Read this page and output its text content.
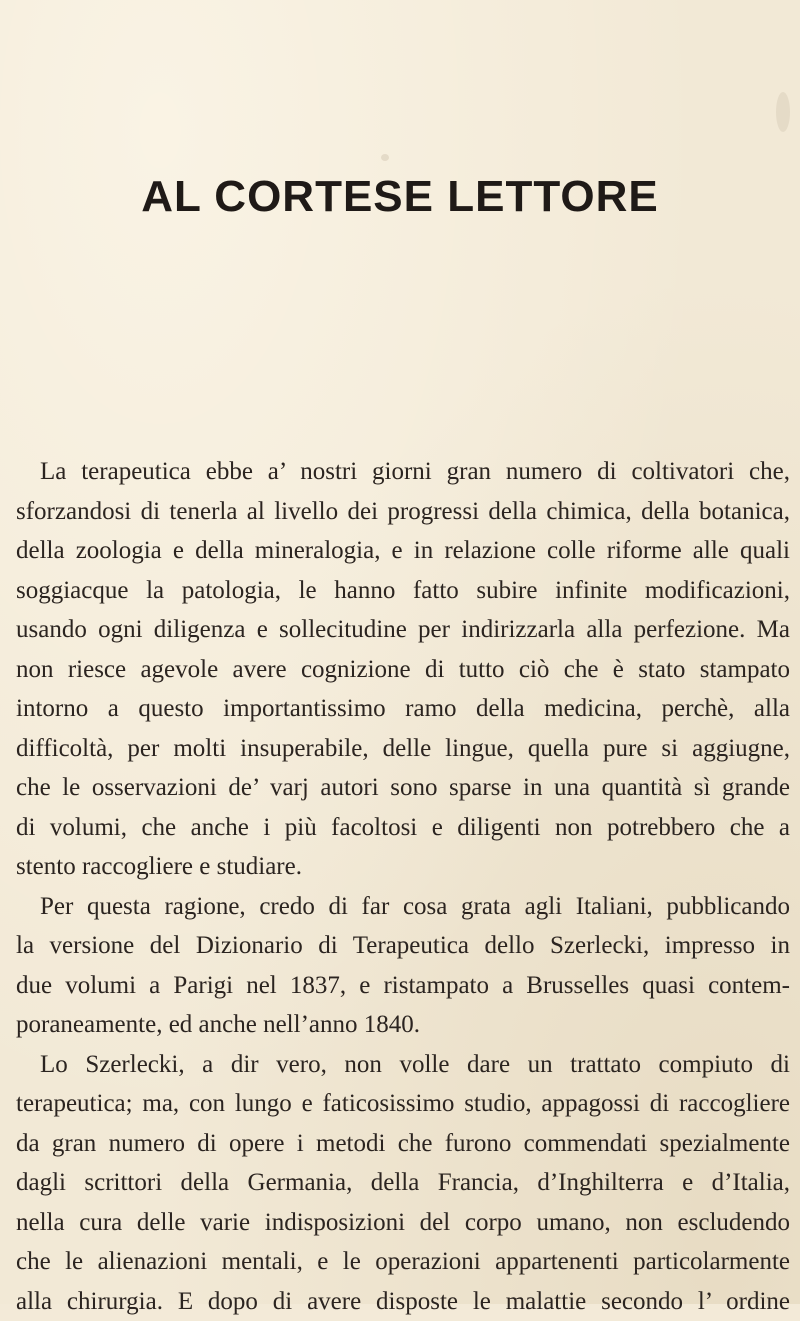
AL CORTESE LETTORE
La terapeutica ebbe a’ nostri giorni gran numero di coltivatori che,
sforzandosi di tenerla al livello dei progressi della chimica, della botanica,
della zoologia e della mineralogia, e in relazione colle riforme alle quali
soggiacque la patologia, le hanno fatto subire infinite modificazioni,
usando ogni diligenza e sollecitudine per indirizzarla alla perfezione. Ma
non riesce agevole avere cognizione di tutto ciò che è stato stampato
intorno a questo importantissimo ramo della medicina, perchè, alla
difficoltà, per molti insuperabile, delle lingue, quella pure si aggiugne,
che le osservazioni de’ varj autori sono sparse in una quantità sì grande
di volumi, che anche i più facoltosi e diligenti non potrebbero che a
stento raccogliere e studiare.
Per questa ragione, credo di far cosa grata agli Italiani, pubblicando
la versione del Dizionario di Terapeutica dello Szerlecki, impresso in
due volumi a Parigi nel 1837, e ristampato a Brusselles quasi contem-
poraneamente, ed anche nell’anno 1840.
Lo Szerlecki, a dir vero, non volle dare un trattato compiuto di
terapeutica; ma, con lungo e faticosissimo studio, appagossi di raccogliere
da gran numero di opere i metodi che furono commendati spezialmente
dagli scrittori della Germania, della Francia, d’Inghilterra e d’Italia,
nella cura delle varie indisposizioni del corpo umano, non escludendo
che le alienazioni mentali, e le operazioni appartenenti particolarmente
alla chirurgia. E dopo di avere disposte le malattie secondo l’ ordine
